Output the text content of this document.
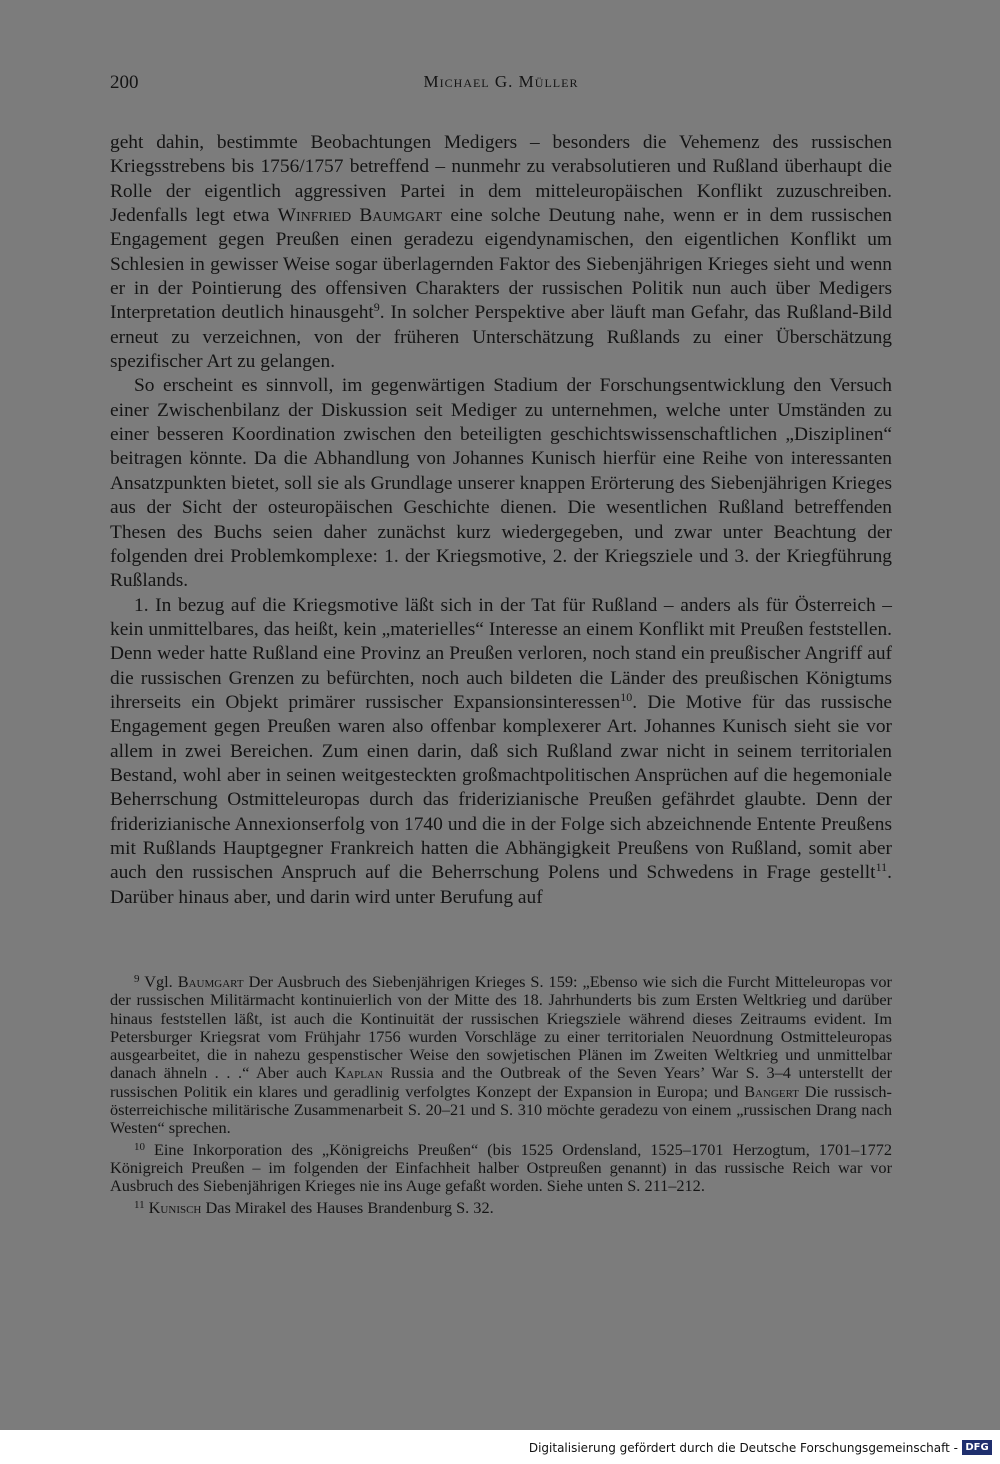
200	Michael G. Müller

geht dahin, bestimmte Beobachtungen Medigers – besonders die Vehemenz des russischen Kriegsstrebens bis 1756/1757 betreffend – nunmehr zu verabsolutieren und Rußland überhaupt die Rolle der eigentlich aggressiven Partei in dem mitteleuropäischen Konflikt zuzuschreiben. Jedenfalls legt etwa Winfried Baumgart eine solche Deutung nahe, wenn er in dem russischen Engagement gegen Preußen einen geradezu eigendynamischen, den eigentlichen Konflikt um Schlesien in gewisser Weise sogar überlagernden Faktor des Siebenjährigen Krieges sieht und wenn er in der Pointierung des offensiven Charakters der russischen Politik nun auch über Medigers Interpretation deutlich hinausgeht$^9$. In solcher Perspektive aber läuft man Gefahr, das Rußland-Bild erneut zu verzeichnen, von der früheren Unterschätzung Rußlands zu einer Überschätzung spezifischer Art zu gelangen.

So erscheint es sinnvoll, im gegenwärtigen Stadium der Forschungsentwicklung den Versuch einer Zwischenbilanz der Diskussion seit Mediger zu unternehmen, welche unter Umständen zu einer besseren Koordination zwischen den beteiligten geschichtswissenschaftlichen „Disziplinen“ beitragen könnte. Da die Abhandlung von Johannes Kunisch hierfür eine Reihe von interessanten Ansatzpunkten bietet, soll sie als Grundlage unserer knappen Erörterung des Siebenjährigen Krieges aus der Sicht der osteuropäischen Geschichte dienen. Die wesentlichen Rußland betreffenden Thesen des Buchs seien daher zunächst kurz wiedergegeben, und zwar unter Beachtung der folgenden drei Problemkomplexe: 1. der Kriegsmotive, 2. der Kriegsziele und 3. der Kriegführung Rußlands.

1. In bezug auf die Kriegsmotive läßt sich in der Tat für Rußland – anders als für Österreich – kein unmittelbares, das heißt, kein „materielles“ Interesse an einem Konflikt mit Preußen feststellen. Denn weder hatte Rußland eine Provinz an Preußen verloren, noch stand ein preußischer Angriff auf die russischen Grenzen zu befürchten, noch auch bildeten die Länder des preußischen Königtums ihrerseits ein Objekt primärer russischer Expansionsinteressen$^{10}$. Die Motive für das russische Engagement gegen Preußen waren also offenbar komplexerer Art. Johannes Kunisch sieht sie vor allem in zwei Bereichen. Zum einen darin, daß sich Rußland zwar nicht in seinem territorialen Bestand, wohl aber in seinen weitgesteckten großmachtpolitischen Ansprüchen auf die hegemoniale Beherrschung Ostmitteleuropas durch das friderizianische Preußen gefährdet glaubte. Denn der friderizianische Annexionserfolg von 1740 und die in der Folge sich abzeichnende Entente Preußens mit Rußlands Hauptgegner Frankreich hatten die Abhängigkeit Preußens von Rußland, somit aber auch den russischen Anspruch auf die Beherrschung Polens und Schwedens in Frage gestellt$^{11}$. Darüber hinaus aber, und darin wird unter Berufung auf

$^9$ Vgl. Baumgart Der Ausbruch des Siebenjährigen Krieges S. 159: „Ebenso wie sich die Furcht Mitteleuropas vor der russischen Militärmacht kontinuierlich von der Mitte des 18. Jahrhunderts bis zum Ersten Weltkrieg und darüber hinaus feststellen läßt, ist auch die Kontinuität der russischen Kriegsziele während dieses Zeitraums evident. Im Petersburger Kriegsrat vom Frühjahr 1756 wurden Vorschläge zu einer territorialen Neuordnung Ostmitteleuropas ausgearbeitet, die in nahezu gespenstischer Weise den sowjetischen Plänen im Zweiten Weltkrieg und unmittelbar danach ähneln . . .“ Aber auch Kaplan Russia and the Outbreak of the Seven Years’ War S. 3–4 unterstellt der russischen Politik ein klares und geradlinig verfolgtes Konzept der Expansion in Europa; und Bangert Die russisch-österreichische militärische Zusammenarbeit S. 20–21 und S. 310 möchte geradezu von einem „russischen Drang nach Westen“ sprechen.

$^{10}$ Eine Inkorporation des „Königreichs Preußen“ (bis 1525 Ordensland, 1525–1701 Herzogtum, 1701–1772 Königreich Preußen – im folgenden der Einfachheit halber Ostpreußen genannt) in das russische Reich war vor Ausbruch des Siebenjährigen Krieges nie ins Auge gefaßt worden. Siehe unten S. 211–212.

$^{11}$ Kunisch Das Mirakel des Hauses Brandenburg S. 32.

Digitalisierung gefördert durch die Deutsche Forschungsgemeinschaft - DFG
